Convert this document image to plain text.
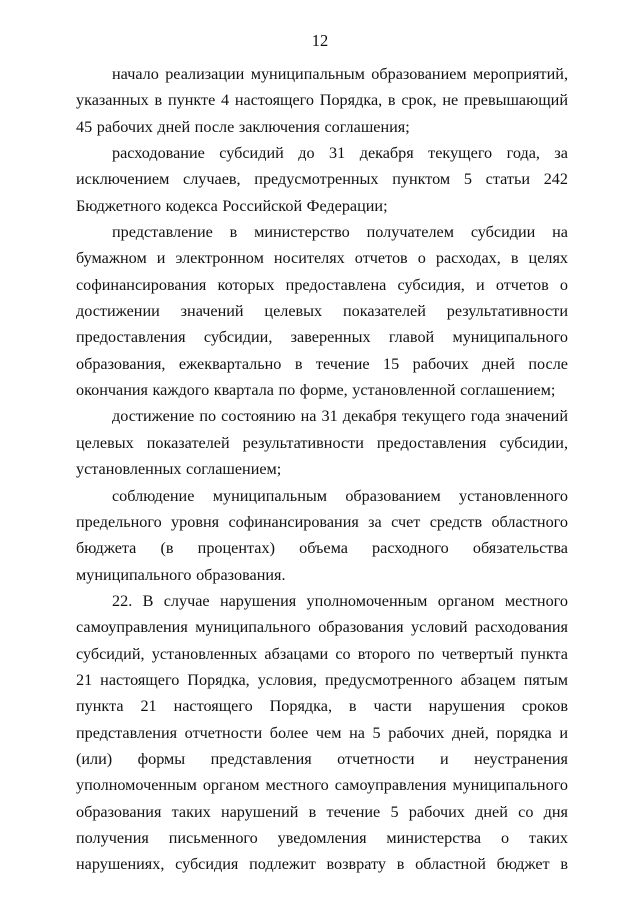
12

начало реализации муниципальным образованием мероприятий, указанных в пункте 4 настоящего Порядка, в срок, не превышающий 45 рабочих дней после заключения соглашения;

расходование субсидий до 31 декабря текущего года, за исключением случаев, предусмотренных пунктом 5 статьи 242 Бюджетного кодекса Российской Федерации;

представление в министерство получателем субсидии на бумажном и электронном носителях отчетов о расходах, в целях софинансирования которых предоставлена субсидия, и отчетов о достижении значений целевых показателей результативности предоставления субсидии, заверенных главой муниципального образования, ежеквартально в течение 15 рабочих дней после окончания каждого квартала по форме, установленной соглашением;

достижение по состоянию на 31 декабря текущего года значений целевых показателей результативности предоставления субсидии, установленных соглашением;

соблюдение муниципальным образованием установленного предельного уровня софинансирования за счет средств областного бюджета (в процентах) объема расходного обязательства муниципального образования.

22. В случае нарушения уполномоченным органом местного самоуправления муниципального образования условий расходования субсидий, установленных абзацами со второго по четвертый пункта 21 настоящего Порядка, условия, предусмотренного абзацем пятым пункта 21 настоящего Порядка, в части нарушения сроков представления отчетности более чем на 5 рабочих дней, порядка и (или) формы представления отчетности и неустранения уполномоченным органом местного самоуправления муниципального образования таких нарушений в течение 5 рабочих дней со дня получения письменного уведомления министерства о таких нарушениях, субсидия подлежит возврату в областной бюджет в
